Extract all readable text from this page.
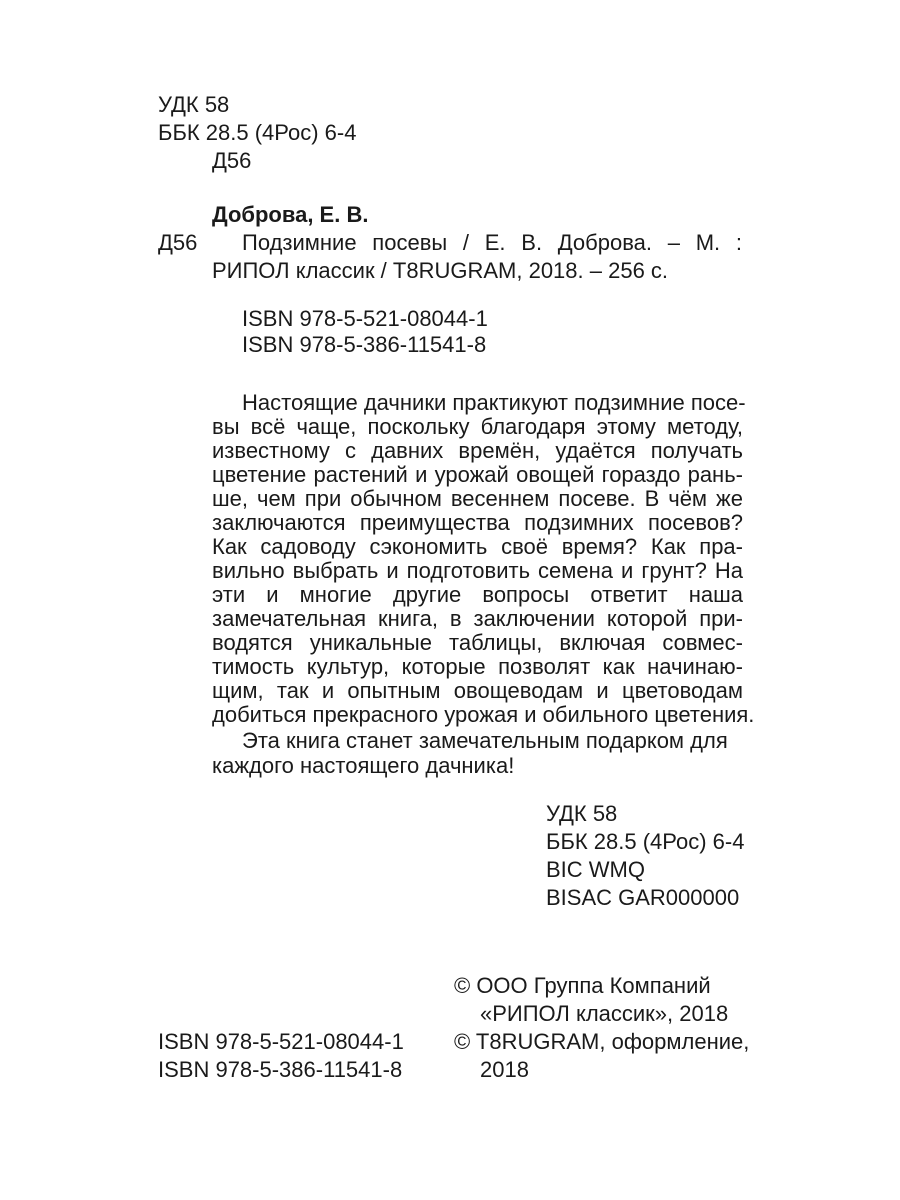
УДК 58
ББК 28.5 (4Рос) 6-4
Д56
Доброва, Е. В.
Д56 Подзимние посевы / Е. В. Доброва. – М. :
РИПОЛ классик / T8RUGRAM, 2018. – 256 с.
ISBN 978-5-521-08044-1
ISBN 978-5-386-11541-8
Настоящие дачники практикуют подзимние посе-
вы всё чаще, поскольку благодаря этому методу,
известному с давних времён, удаётся получать
цветение растений и урожай овощей гораздо рань-
ше, чем при обычном весеннем посеве. В чём же
заключаются преимущества подзимних посевов?
Как садоводу сэкономить своё время? Как пра-
вильно выбрать и подготовить семена и грунт? На
эти и многие другие вопросы ответит наша
замечательная книга, в заключении которой при-
водятся уникальные таблицы, включая совмес-
тимость культур, которые позволят как начинаю-
щим, так и опытным овощеводам и цветоводам
добиться прекрасного урожая и обильного цветения.
Эта книга станет замечательным подарком для
каждого настоящего дачника!
УДК 58
ББК 28.5 (4Рос) 6-4
BIC WMQ
BISAC GAR000000
© ООО Группа Компаний
«РИПОЛ классик», 2018
ISBN 978-5-521-08044-1 © T8RUGRAM, оформление,
ISBN 978-5-386-11541-8	2018
